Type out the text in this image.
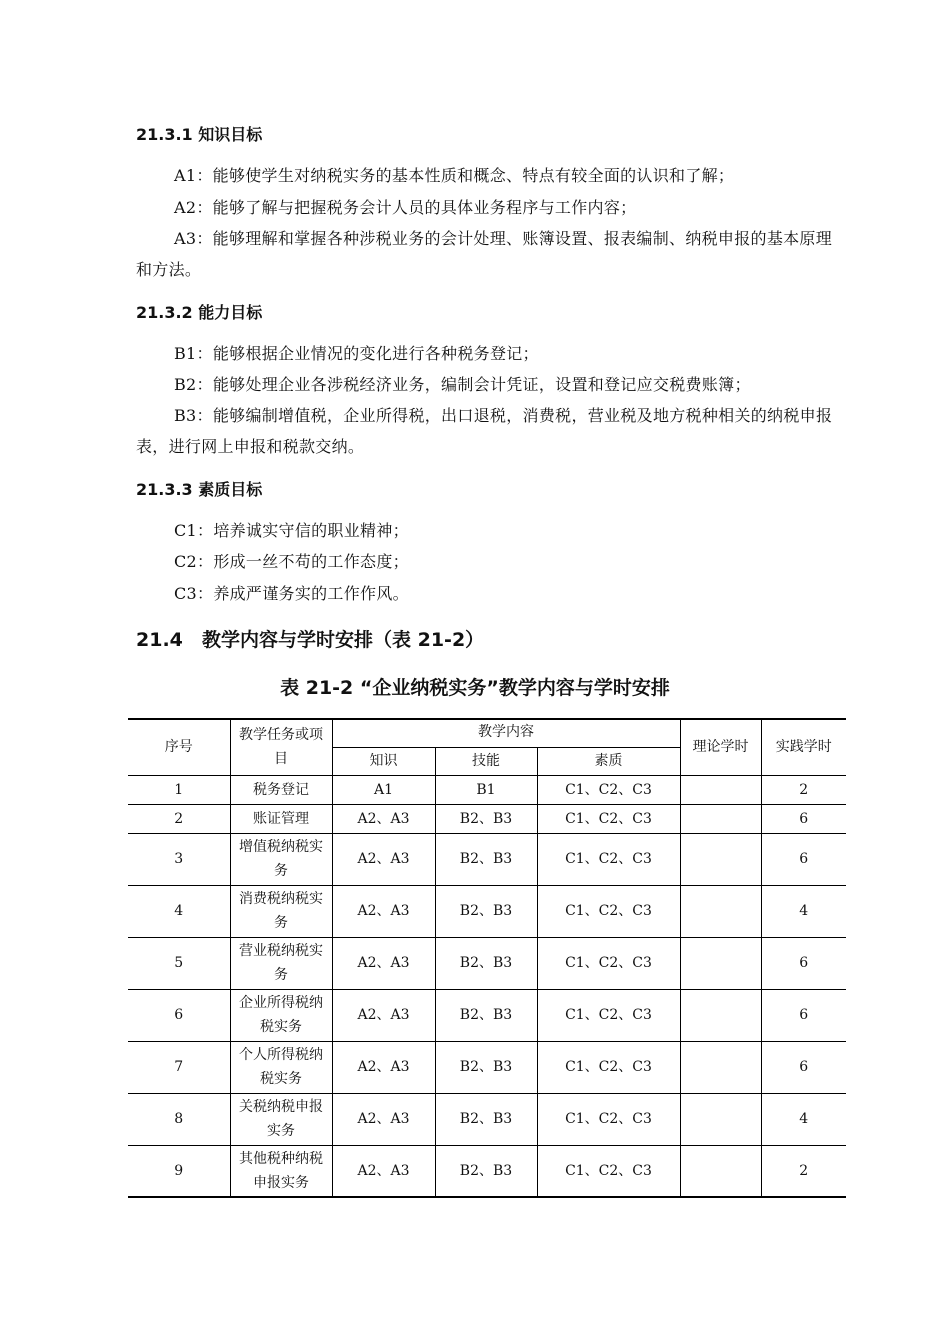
21.3.1 知识目标

A1：能够使学生对纳税实务的基本性质和概念、特点有较全面的认识和了解；

A2：能够了解与把握税务会计人员的具体业务程序与工作内容；

A3：能够理解和掌握各种涉税业务的会计处理、账簿设置、报表编制、纳税申报的基本原理和方法。

21.3.2 能力目标

B1：能够根据企业情况的变化进行各种税务登记；

B2：能够处理企业各涉税经济业务，编制会计凭证，设置和登记应交税费账簿；

B3：能够编制增值税，企业所得税，出口退税，消费税，营业税及地方税种相关的纳税申报表，进行网上申报和税款交纳。

21.3.3 素质目标

C1：培养诚实守信的职业精神；

C2：形成一丝不苟的工作态度；

C3：养成严谨务实的工作作风。

21.4 教学内容与学时安排（表 21-2）
表 21-2 “企业纳税实务”教学内容与学时安排
序号	教学任务或项目	教学内容			理论学时	实践学时
		知识	技能	素质		
1	税务登记	A1	B1	C1、C2、C3		2
2	账证管理	A2、A3	B2、B3	C1、C2、C3		6
3	增值税纳税实务	A2、A3	B2、B3	C1、C2、C3		6
4	消费税纳税实务	A2、A3	B2、B3	C1、C2、C3		4
5	营业税纳税实务	A2、A3	B2、B3	C1、C2、C3		6
6	企业所得税纳税实务	A2、A3	B2、B3	C1、C2、C3		6
7	个人所得税纳税实务	A2、A3	B2、B3	C1、C2、C3		6
8	关税纳税申报实务	A2、A3	B2、B3	C1、C2、C3		4
9	其他税种纳税申报实务	A2、A3	B2、B3	C1、C2、C3		2
